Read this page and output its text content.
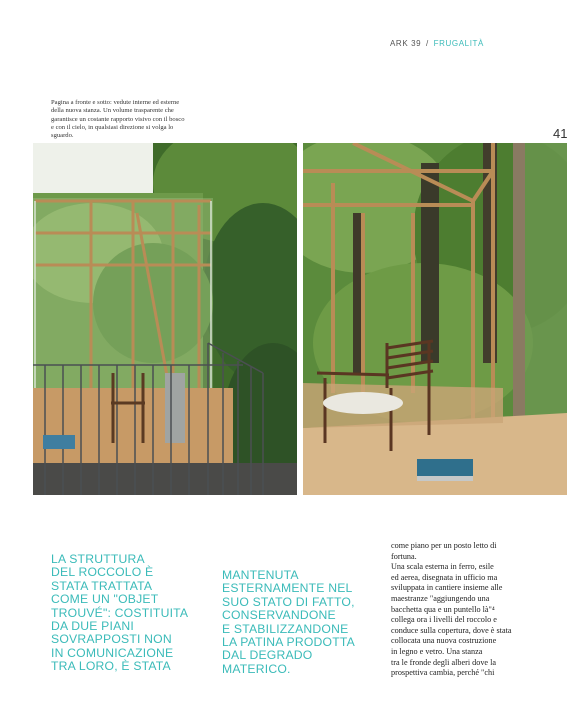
ARK 39 / FRUGALITÀ

Pagina a fronte e sotto: vedute interne ed esterne della nuova stanza. Un volume trasparente che garantisce un costante rapporto visivo con il bosco e con il cielo, in qualsiasi direzione si volga lo sguardo.	41

LA STRUTTURA
DEL ROCCOLO È
STATA TRATTATA
COME UN "OBJET
TROUVÉ": COSTITUITA
DA DUE PIANI
SOVRAPPOSTI NON
IN COMUNICAZIONE
TRA LORO, È STATA

MANTENUTA
ESTERNAMENTE NEL
SUO STATO DI FATTO,
CONSERVANDONE
E STABILIZZANDONE
LA PATINA PRODOTTA
DAL DEGRADO
MATERICO.

come piano per un posto letto di
fortuna.
Una scala esterna in ferro, esile
ed aerea, disegnata in ufficio ma
sviluppata in cantiere insieme alle
maestranze "aggiungendo una
bacchetta qua e un puntello là"⁴
collega ora i livelli del roccolo e
conduce sulla copertura, dove è stata
collocata una nuova costruzione
in legno e vetro. Una stanza
tra le fronde degli alberi dove la
prospettiva cambia, perché "chi
